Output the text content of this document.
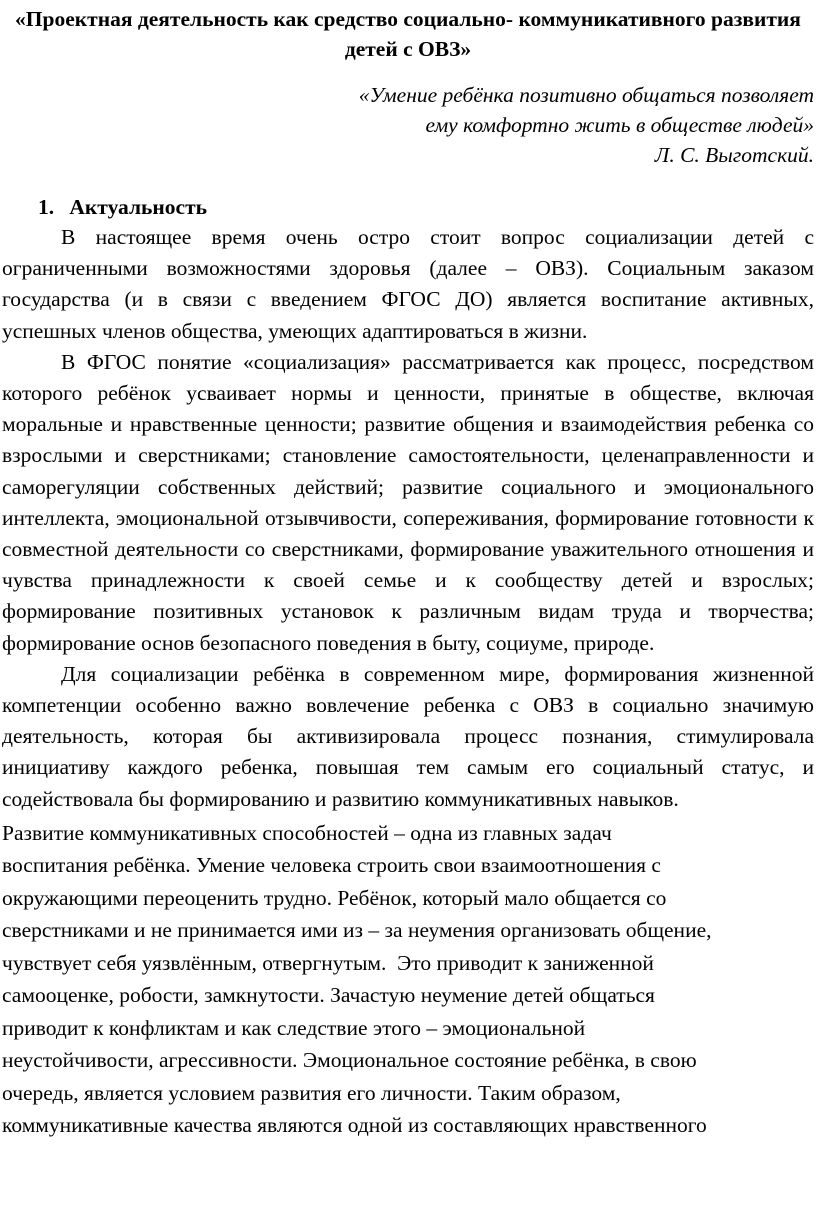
«Проектная деятельность как средство социально- коммуникативного развития детей с ОВЗ»
«Умение ребёнка позитивно общаться позволяет
ему комфортно жить в обществе людей»
Л. С. Выготский.
1. Актуальность

В настоящее время очень остро стоит вопрос социализации детей с ограниченными возможностями здоровья (далее – ОВЗ). Социальным заказом государства (и в связи с введением ФГОС ДО) является воспитание активных, успешных членов общества, умеющих адаптироваться в жизни.

В ФГОС понятие «социализация» рассматривается как процесс, посредством которого ребёнок усваивает нормы и ценности, принятые в обществе, включая моральные и нравственные ценности; развитие общения и взаимодействия ребенка со взрослыми и сверстниками; становление самостоятельности, целенаправленности и саморегуляции собственных действий; развитие социального и эмоционального интеллекта, эмоциональной отзывчивости, сопереживания, формирование готовности к совместной деятельности со сверстниками, формирование уважительного отношения и чувства принадлежности к своей семье и к сообществу детей и взрослых; формирование позитивных установок к различным видам труда и творчества; формирование основ безопасного поведения в быту, социуме, природе.

Для социализации ребёнка в современном мире, формирования жизненной компетенции особенно важно вовлечение ребенка с ОВЗ в социально значимую деятельность, которая бы активизировала процесс познания, стимулировала инициативу каждого ребенка, повышая тем самым его социальный статус, и содействовала бы формированию и развитию коммуникативных навыков.

Развитие коммуникативных способностей – одна из главных задач
воспитания ребёнка. Умение человека строить свои взаимоотношения с
окружающими переоценить трудно. Ребёнок, который мало общается со
сверстниками и не принимается ими из – за неумения организовать общение,
чувствует себя уязвлённым, отвергнутым.  Это приводит к заниженной
самооценке, робости, замкнутости. Зачастую неумение детей общаться
приводит к конфликтам и как следствие этого – эмоциональной
неустойчивости, агрессивности. Эмоциональное состояние ребёнка, в свою
очередь, является условием развития его личности. Таким образом,
коммуникативные качества являются одной из составляющих нравственного
